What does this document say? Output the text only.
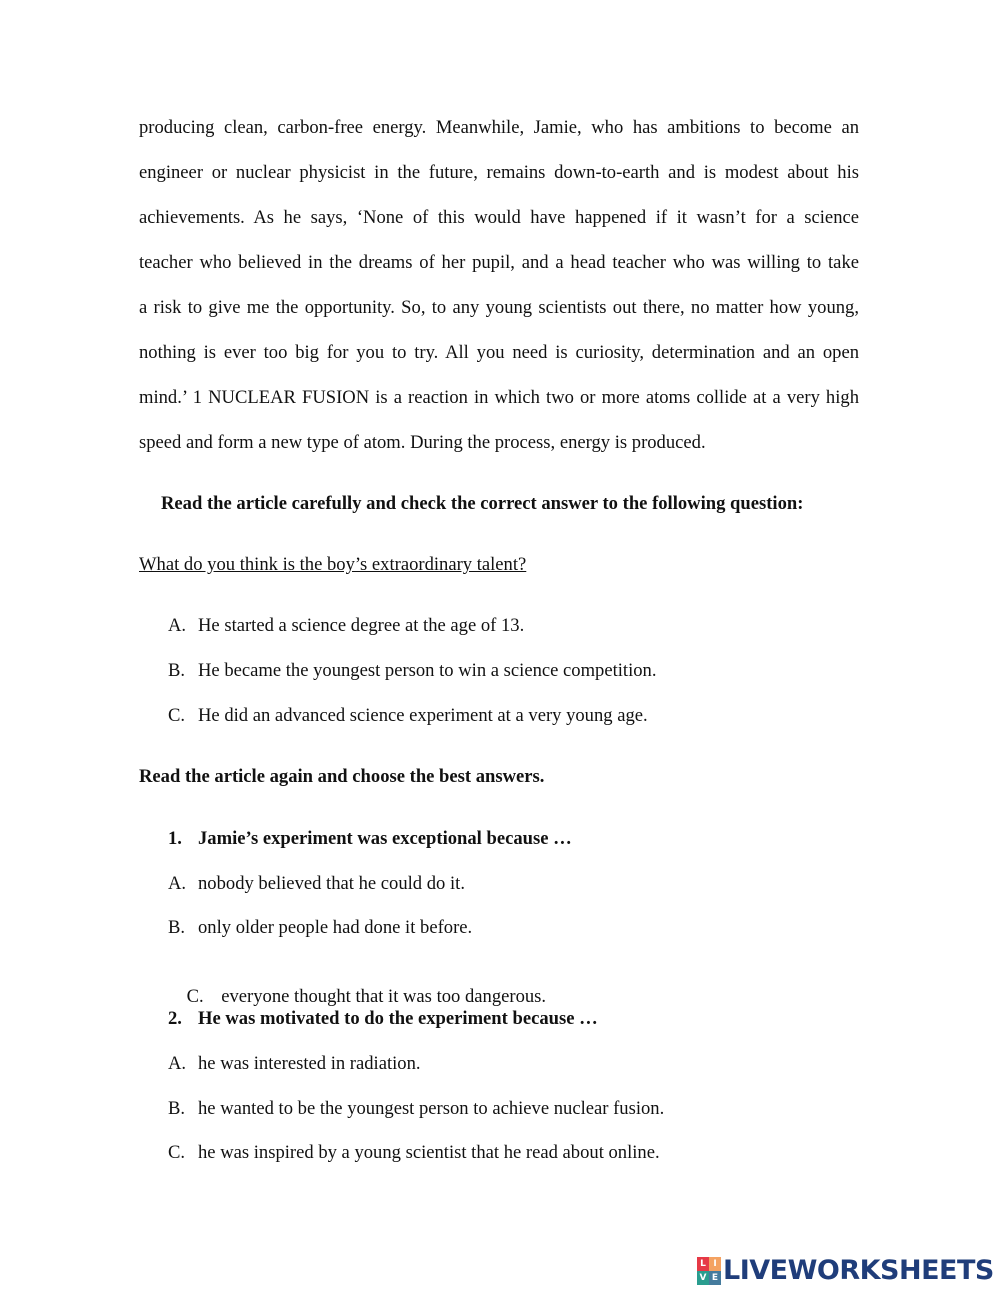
producing clean, carbon-free energy. Meanwhile, Jamie, who has ambitions to become an
engineer or nuclear physicist in the future, remains down-to-earth and is modest about his
achievements. As he says, ‘None of this would have happened if it wasn’t for a science
teacher who believed in the dreams of her pupil, and a head teacher who was willing to take
a risk to give me the opportunity. So, to any young scientists out there, no matter how young,
nothing is ever too big for you to try. All you need is curiosity, determination and an open
mind.’ 1 NUCLEAR FUSION is a reaction in which two or more atoms collide at a very high
speed and form a new type of atom. During the process, energy is produced.
Read the article carefully and check the correct answer to the following question:
What do you think is the boy’s extraordinary talent?
A. He started a science degree at the age of 13.
B. He became the youngest person to win a science competition.
C. He did an advanced science experiment at a very young age.
Read the article again and choose the best answers.
1. Jamie’s experiment was exceptional because …
A. nobody believed that he could do it.
B. only older people had done it before.

C. everyone thought that it was too dangerous.

2. He was motivated to do the experiment because …
A. he was interested in radiation.
B. he wanted to be the youngest person to achieve nuclear fusion.
C. he was inspired by a young scientist that he read about online.
L I
V E LIVEWORKSHEETS
